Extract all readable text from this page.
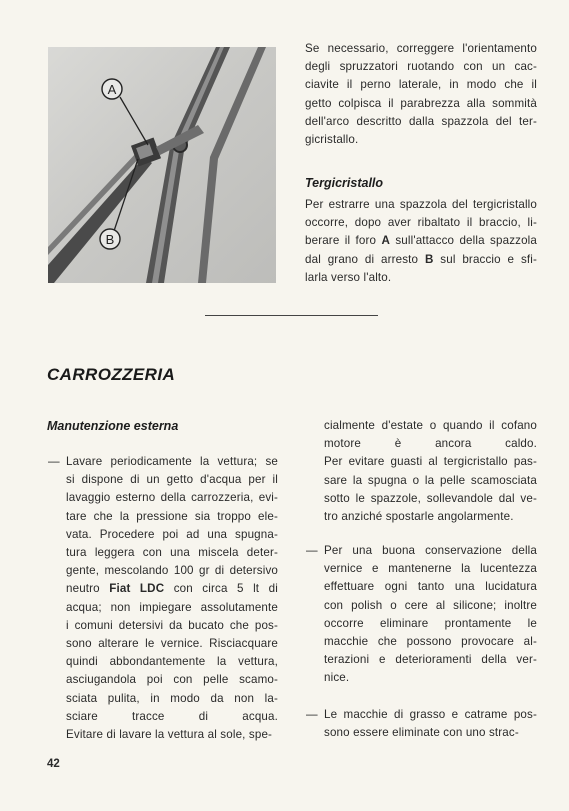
A
B
Se necessario, correggere l'orientamento
degli spruzzatori ruotando con un cac-
ciavite il perno laterale, in modo che il
getto colpisca il parabrezza alla sommità
dell'arco descritto dalla spazzola del ter-
gicristallo.
Tergicristallo
Per estrarre una spazzola del tergicristallo
occorre, dopo aver ribaltato il braccio, li-
berare il foro A sull'attacco della spazzola
dal grano di arresto B sul braccio e sfi-
larla verso l'alto.
CARROZZERIA
Manutenzione esterna
— Lavare periodicamente la vettura; se
si dispone di un getto d'acqua per il
lavaggio esterno della carrozzeria, evi-
tare che la pressione sia troppo ele-
vata. Procedere poi ad una spugna-
tura leggera con una miscela deter-
gente, mescolando 100 gr di detersivo
neutro Fiat LDC con circa 5 lt di
acqua; non impiegare assolutamente
i comuni detersivi da bucato che pos-
sono alterare le vernice. Risciacquare
quindi abbondantemente la vettura,
asciugandola poi con pelle scamo-
sciata pulita, in modo da non la-
sciare tracce di acqua.
Evitare di lavare la vettura al sole, spe-
cialmente d'estate o quando il cofano
motore è ancora caldo.
Per evitare guasti al tergicristallo pas-
sare la spugna o la pelle scamosciata
sotto le spazzole, sollevandole dal ve-
tro anziché spostarle angolarmente.
— Per una buona conservazione della
vernice e mantenerne la lucentezza
effettuare ogni tanto una lucidatura
con polish o cere al silicone; inoltre
occorre eliminare prontamente le
macchie che possono provocare al-
terazioni e deterioramenti della ver-
nice.
— Le macchie di grasso e catrame pos-
sono essere eliminate con uno strac-
42
